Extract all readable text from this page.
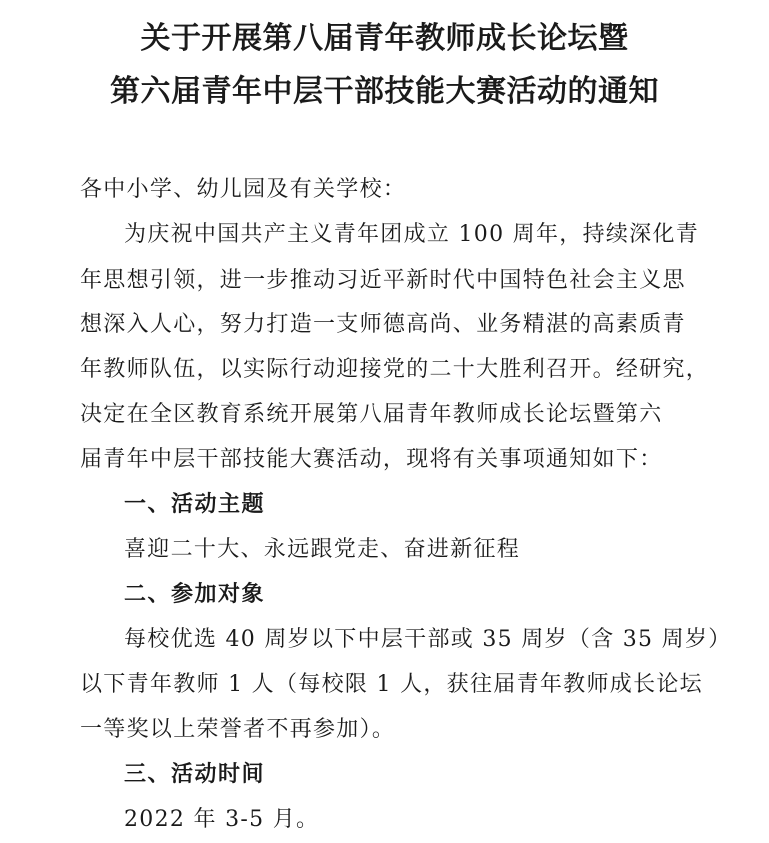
关于开展第八届青年教师成长论坛暨
第六届青年中层干部技能大赛活动的通知
各中小学、幼儿园及有关学校：
为庆祝中国共产主义青年团成立 100 周年，持续深化青
年思想引领，进一步推动习近平新时代中国特色社会主义思
想深入人心，努力打造一支师德高尚、业务精湛的高素质青
年教师队伍，以实际行动迎接党的二十大胜利召开。经研究，
决定在全区教育系统开展第八届青年教师成长论坛暨第六
届青年中层干部技能大赛活动，现将有关事项通知如下：
一、活动主题
喜迎二十大、永远跟党走、奋进新征程
二、参加对象
每校优选 40 周岁以下中层干部或 35 周岁（含 35 周岁）
以下青年教师 1 人（每校限 1 人，获往届青年教师成长论坛
一等奖以上荣誉者不再参加）。
三、活动时间
2022 年 3-5 月。
